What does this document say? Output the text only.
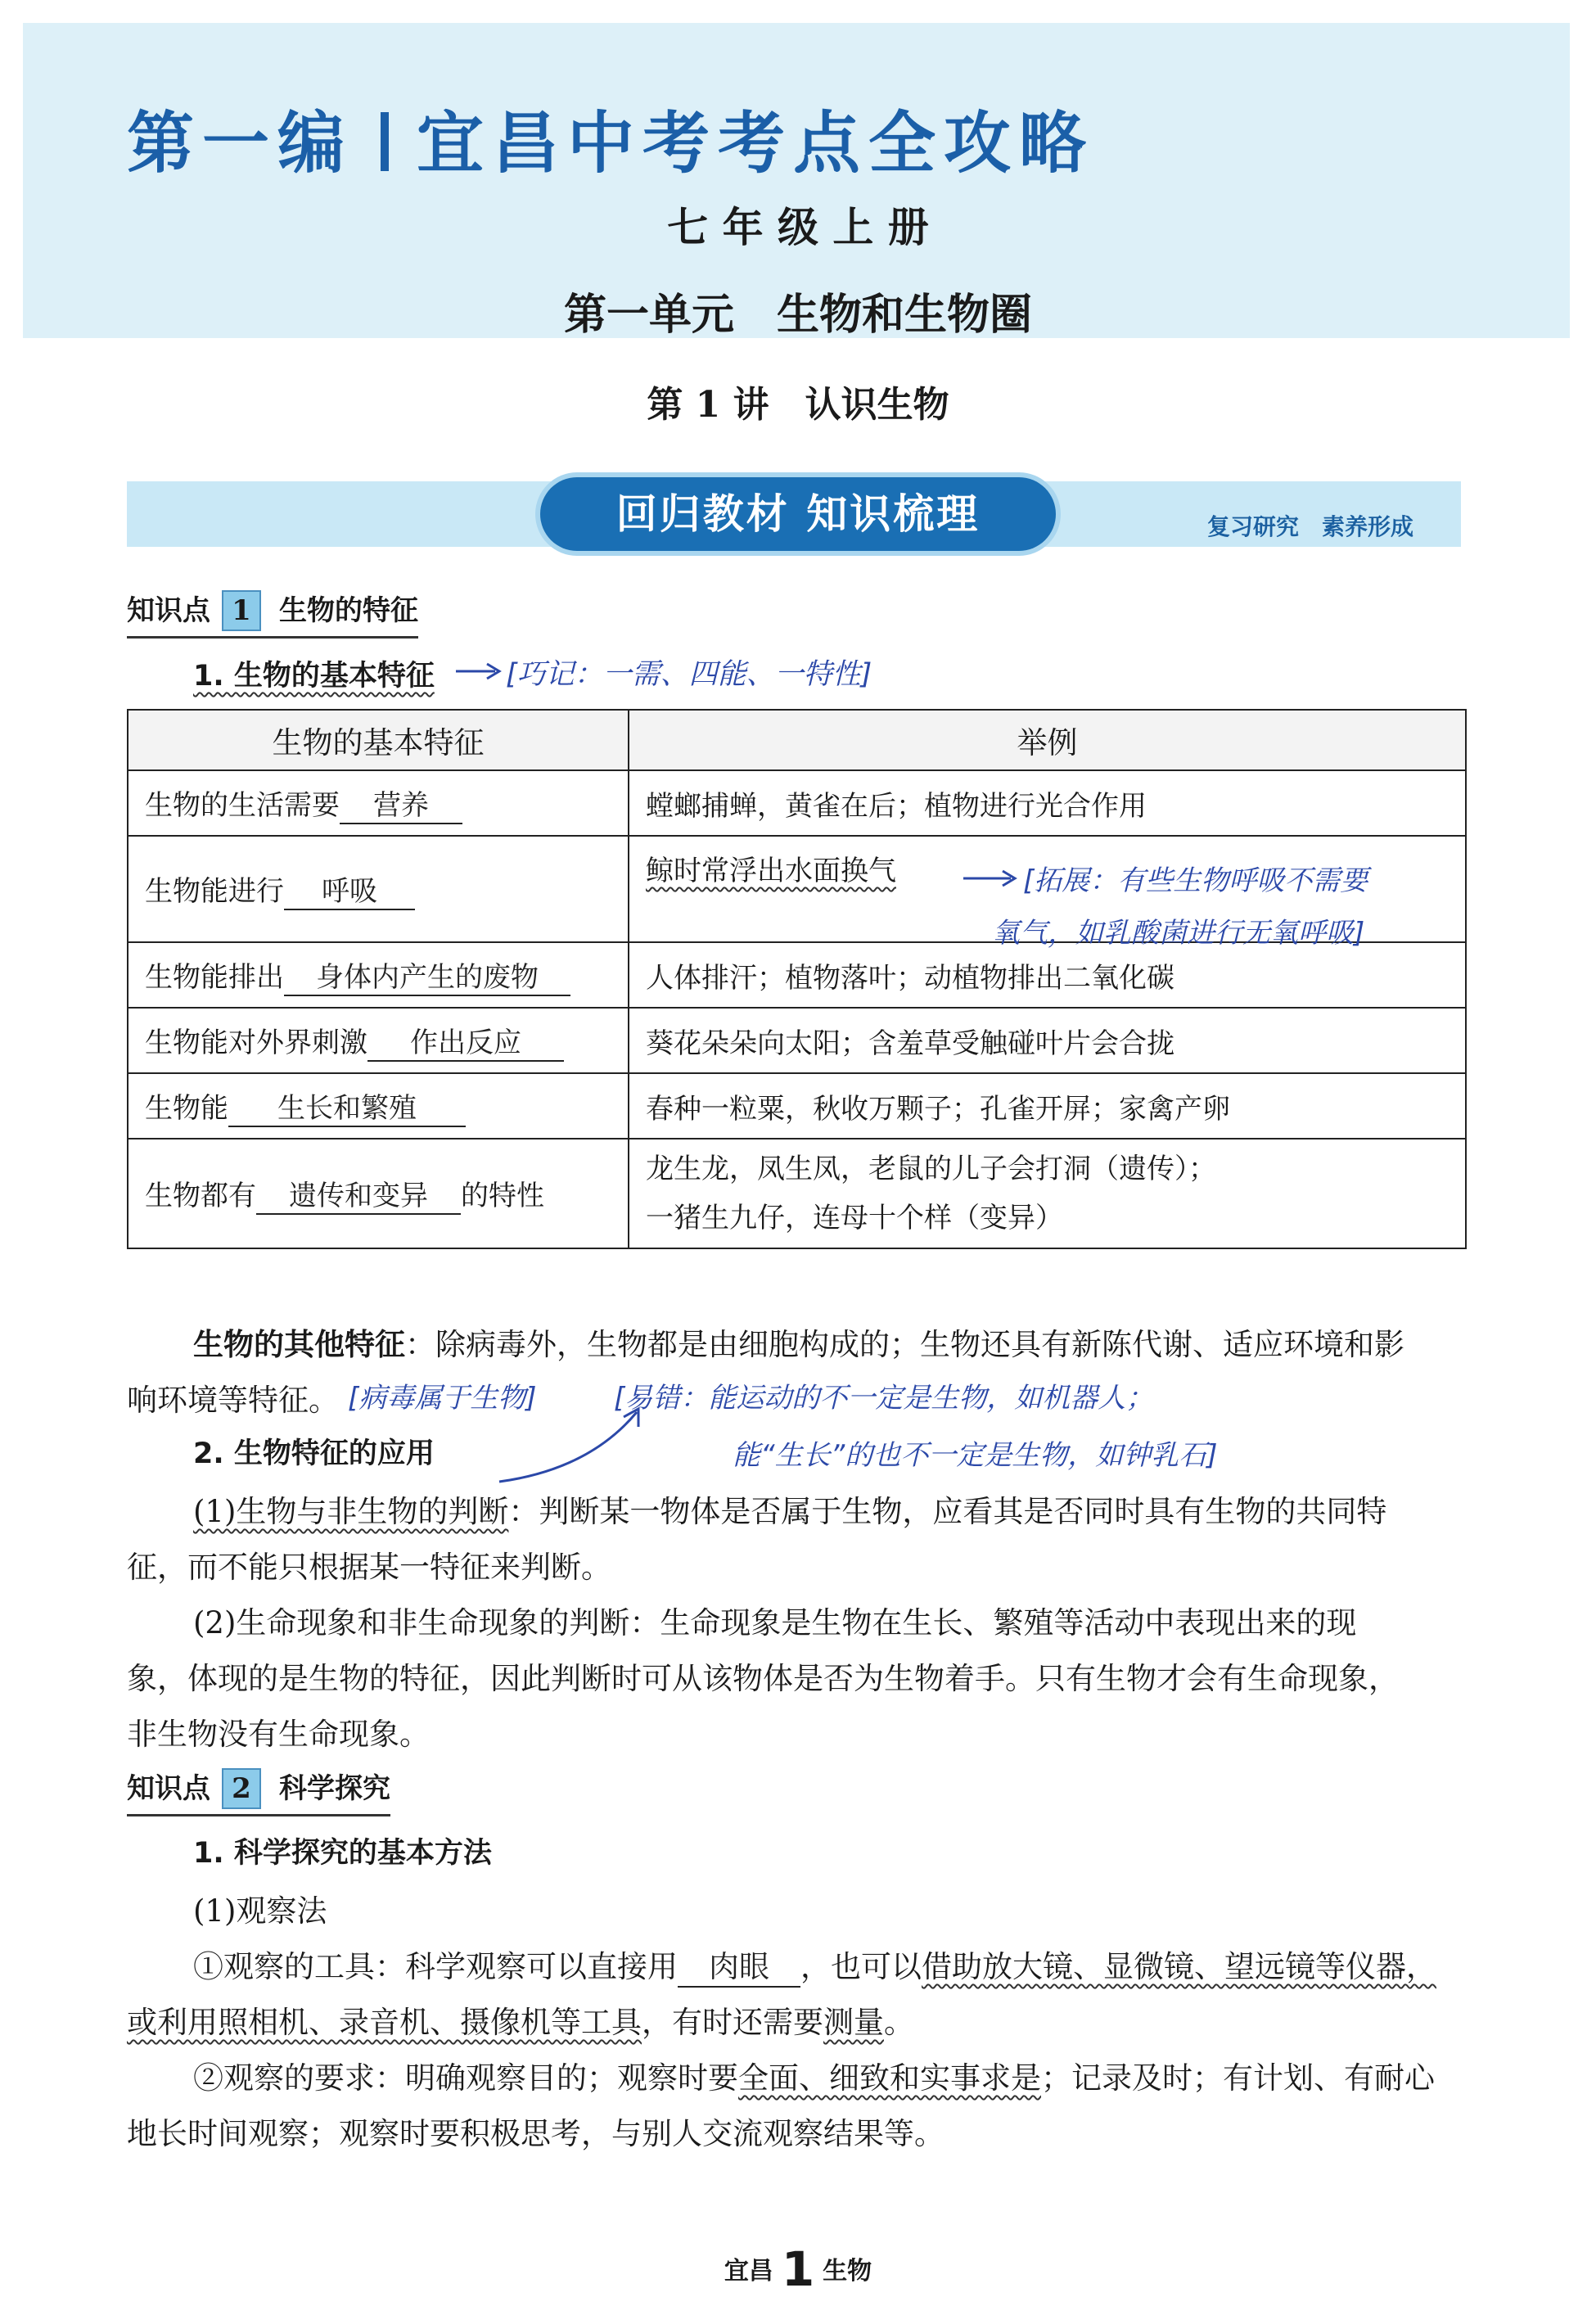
第一编 宜昌中考考点全攻略
七 年 级 上 册
第一单元　生物和生物圈
第 1 讲　认识生物
回归教材 知识梳理	复习研究　素养形成
知识点 1 生物的特征
1. 生物的基本特征 [巧记：一需、四能、一特性]
生物的基本特征	举例
生物的生活需要 营养	螳螂捕蝉，黄雀在后；植物进行光合作用
生物能进行 呼吸	鲸时常浮出水面换气

生物能排出 身体内产生的废物	人体排汗；植物落叶；动植物排出二氧化碳
生物能对外界刺激 作出反应	葵花朵朵向太阳；含羞草受触碰叶片会合拢
生物能 生长和繁殖	春种一粒粟，秋收万颗子；孔雀开屏；家禽产卵
生物都有 遗传和变异 的特性	龙生龙，凤生凤，老鼠的儿子会打洞（遗传）；
一猪生九仔，连母十个样（变异）
[拓展：有些生物呼吸不需要
氧气，如乳酸菌进行无氧呼吸]
生物的其他特征：除病毒外，生物都是由细胞构成的；生物还具有新陈代谢、适应环境和影
响环境等特征。 [病毒属于生物]	[易错：能运动的不一定是生物，如机器人；
能“生长”的也不一定是生物，如钟乳石]
2. 生物特征的应用
(1)生物与非生物的判断：判断某一物体是否属于生物，应看其是否同时具有生物的共同特
征，而不能只根据某一特征来判断。
(2)生命现象和非生命现象的判断：生命现象是生物在生长、繁殖等活动中表现出来的现
象，体现的是生物的特征，因此判断时可从该物体是否为生物着手。只有生物才会有生命现象，
非生物没有生命现象。
知识点 2 科学探究
1. 科学探究的基本方法
(1)观察法
①观察的工具：科学观察可以直接用 肉眼 ，也可以借助放大镜、显微镜、望远镜等仪器，
或利用照相机、录音机、摄像机等工具，有时还需要测量。
②观察的要求：明确观察目的；观察时要全面、细致和实事求是；记录及时；有计划、有耐心
地长时间观察；观察时要积极思考，与别人交流观察结果等。
宜昌 1 生物
